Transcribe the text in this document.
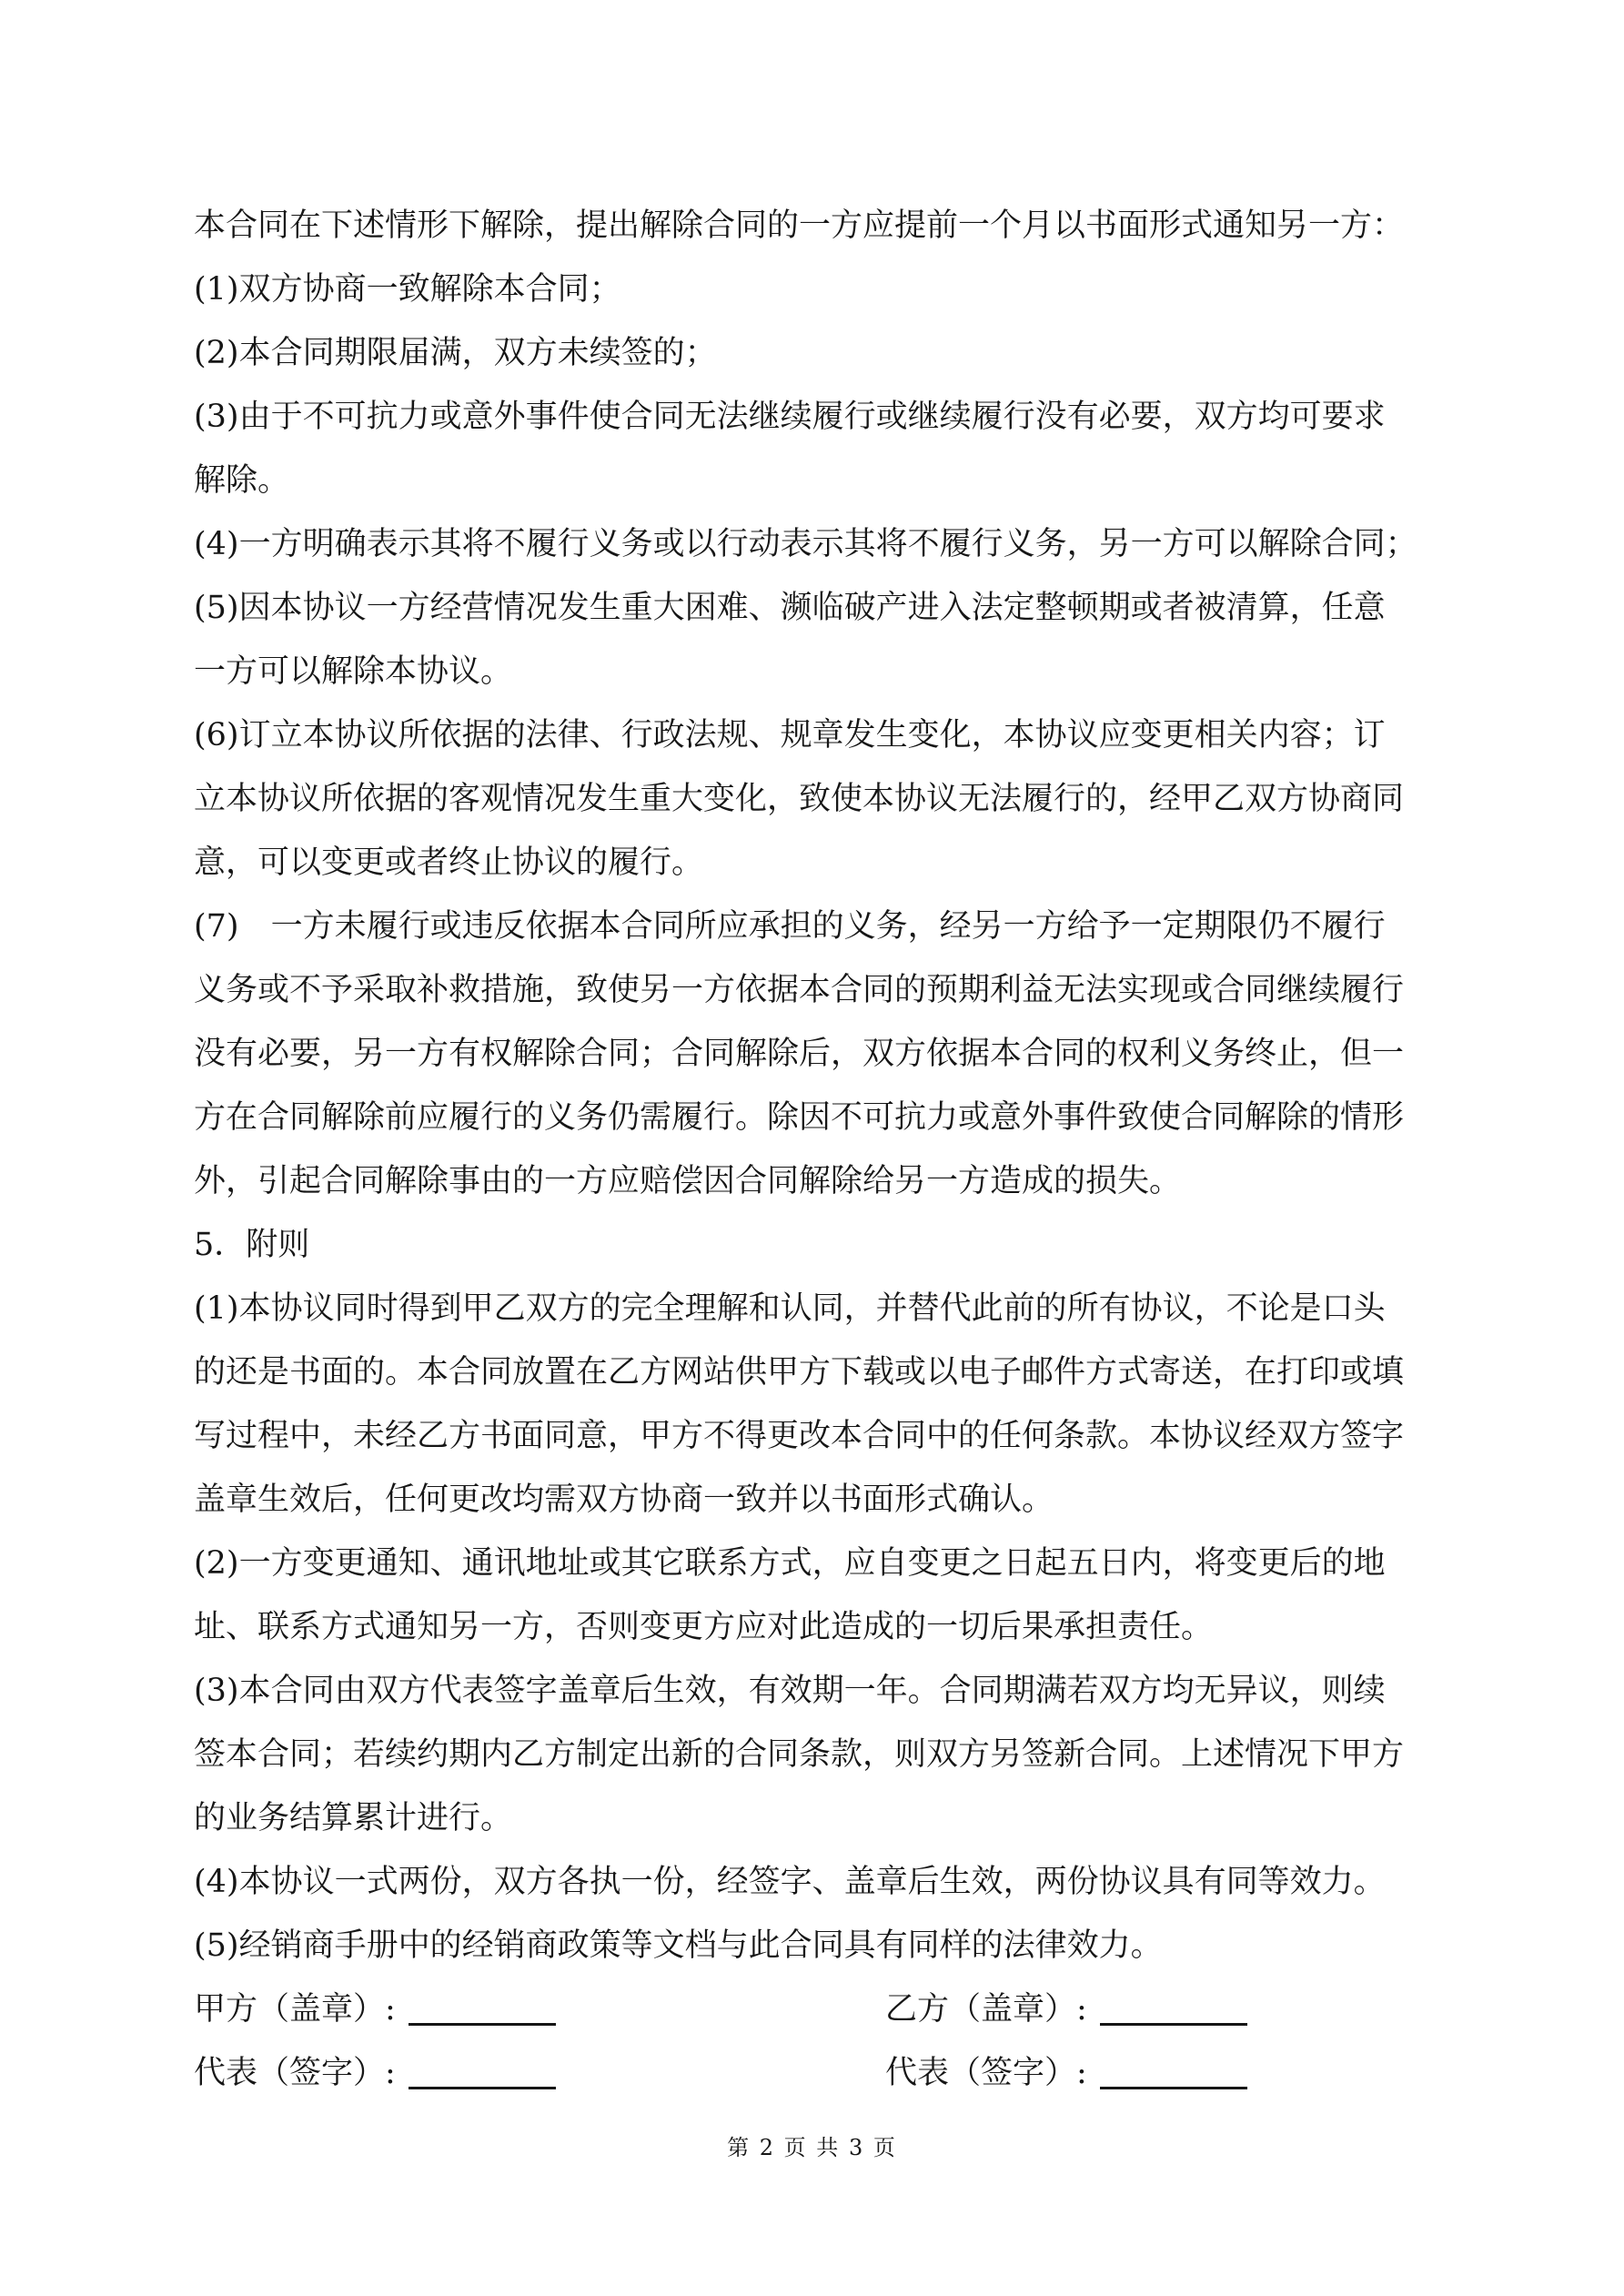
本合同在下述情形下解除，提出解除合同的一方应提前一个月以书面形式通知另一方：
(1)双方协商一致解除本合同；
(2)本合同期限届满，双方未续签的；
(3)由于不可抗力或意外事件使合同无法继续履行或继续履行没有必要，双方均可要求
解除。
(4)一方明确表示其将不履行义务或以行动表示其将不履行义务，另一方可以解除合同；
(5)因本协议一方经营情况发生重大困难、濒临破产进入法定整顿期或者被清算，任意
一方可以解除本协议。
(6)订立本协议所依据的法律、行政法规、规章发生变化，本协议应变更相关内容；订
立本协议所依据的客观情况发生重大变化，致使本协议无法履行的，经甲乙双方协商同
意，可以变更或者终止协议的履行。
(7)　一方未履行或违反依据本合同所应承担的义务，经另一方给予一定期限仍不履行
义务或不予采取补救措施，致使另一方依据本合同的预期利益无法实现或合同继续履行
没有必要，另一方有权解除合同；合同解除后，双方依据本合同的权利义务终止，但一
方在合同解除前应履行的义务仍需履行。除因不可抗力或意外事件致使合同解除的情形
外，引起合同解除事由的一方应赔偿因合同解除给另一方造成的损失。
5．附则
(1)本协议同时得到甲乙双方的完全理解和认同，并替代此前的所有协议，不论是口头
的还是书面的。本合同放置在乙方网站供甲方下载或以电子邮件方式寄送，在打印或填
写过程中，未经乙方书面同意，甲方不得更改本合同中的任何条款。本协议经双方签字
盖章生效后，任何更改均需双方协商一致并以书面形式确认。
(2)一方变更通知、通讯地址或其它联系方式，应自变更之日起五日内，将变更后的地
址、联系方式通知另一方，否则变更方应对此造成的一切后果承担责任。
(3)本合同由双方代表签字盖章后生效，有效期一年。合同期满若双方均无异议，则续
签本合同；若续约期内乙方制定出新的合同条款，则双方另签新合同。上述情况下甲方
的业务结算累计进行。
(4)本协议一式两份，双方各执一份，经签字、盖章后生效，两份协议具有同等效力。
(5)经销商手册中的经销商政策等文档与此合同具有同样的法律效力。
甲方（盖章）:	乙方（盖章）:
代表（签字）:	代表（签字）:
第 2 页 共 3 页
